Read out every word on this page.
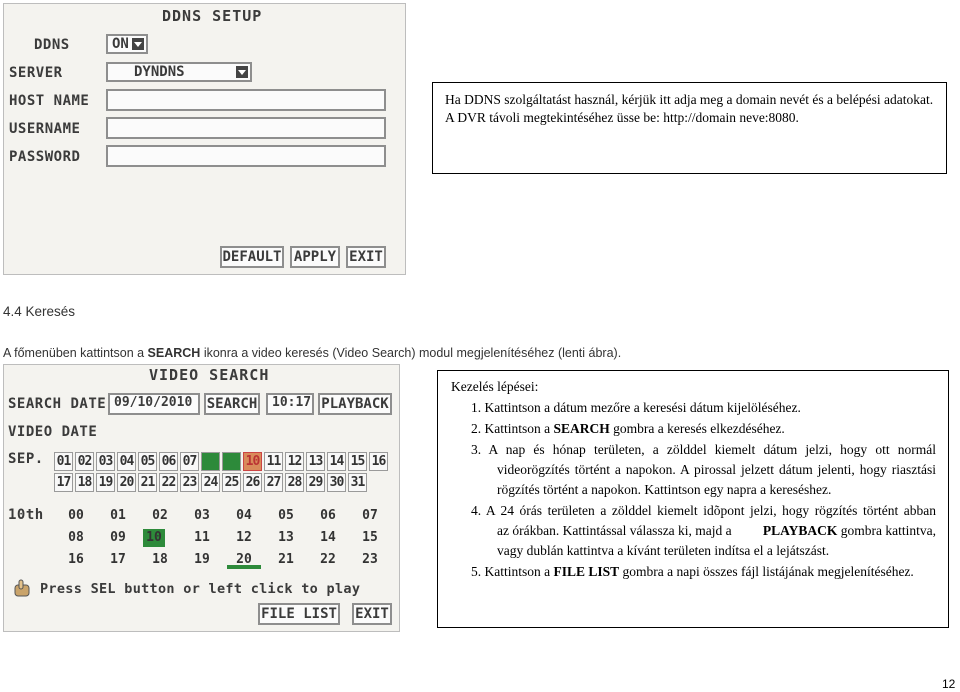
DDNS SETUP
DDNS	ON
SERVER	DYNDNS
HOST NAME
USERNAME
PASSWORD
DEFAULT APPLY EXIT
Ha DDNS szolgáltatást használ, kérjük itt adja meg a domain nevét és a belépési adatokat.
A DVR távoli megtekintéséhez üsse be: http://domain neve:8080.
4.4 Keresés
A főmenüben kattintson a SEARCH ikonra a video keresés (Video Search) modul megjelenítéséhez (lenti ábra).
VIDEO SEARCH
SEARCH DATE 09/10/2010	SEARCH	10:17 PLAYBACK
VIDEO DATE
SEP. 01 02 03 04 05 06 07 08 09 10 11 12 13 14 15 16
17 18 19 20 21 22 23 24 25 26 27 28 29 30 31
10th	00	01	02	03	04	05	06	07
08	09	10	11	12	13	14	15
16	17	18	19	20	21	22	23
Press SEL button or left click to play
FILE LIST EXIT
Kezelés lépései:
1. Kattintson a dátum mezőre a keresési dátum kijelöléséhez.
2. Kattintson a SEARCH gombra a keresés elkezdéséhez.
3. A nap és hónap területen, a zölddel kiemelt dátum jelzi, hogy ott normál
videorögzítés történt a napokon. A pirossal jelzett dátum jelenti, hogy riasztási
rögzítés történt a napokon. Kattintson egy napra a kereséshez.
4. A 24 órás területen a zölddel kiemelt idõpont jelzi, hogy rögzítés történt abban
az órákban. Kattintással válassza ki, majd a PLAYBACK gombra kattintva,
vagy dublán kattintva a kívánt területen indítsa el a lejátszást.
5. Kattintson a FILE LIST gombra a napi összes fájl listájának megjelenítéséhez.
12
